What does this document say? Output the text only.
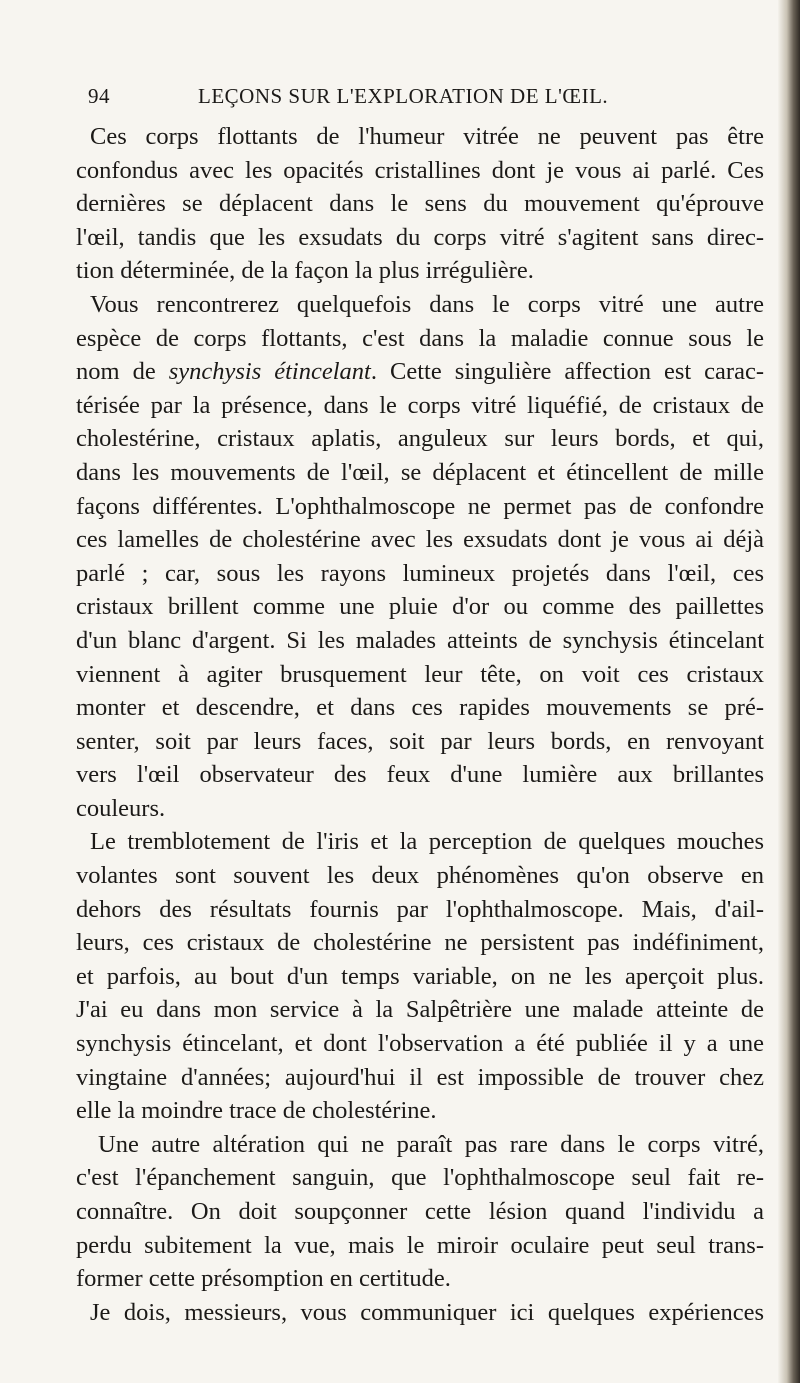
94	LEÇONS SUR L'EXPLORATION DE L'ŒIL.
Ces corps flottants de l'humeur vitrée ne peuvent pas être
confondus avec les opacités cristallines dont je vous ai parlé. Ces
dernières se déplacent dans le sens du mouvement qu'éprouve
l'œil, tandis que les exsudats du corps vitré s'agitent sans direc-
tion déterminée, de la façon la plus irrégulière.
Vous rencontrerez quelquefois dans le corps vitré une autre
espèce de corps flottants, c'est dans la maladie connue sous le
nom de synchysis étincelant. Cette singulière affection est carac-
térisée par la présence, dans le corps vitré liquéfié, de cristaux de
cholestérine, cristaux aplatis, anguleux sur leurs bords, et qui,
dans les mouvements de l'œil, se déplacent et étincellent de mille
façons différentes. L'ophthalmoscope ne permet pas de confondre
ces lamelles de cholestérine avec les exsudats dont je vous ai déjà
parlé ; car, sous les rayons lumineux projetés dans l'œil, ces
cristaux brillent comme une pluie d'or ou comme des paillettes
d'un blanc d'argent. Si les malades atteints de synchysis étincelant
viennent à agiter brusquement leur tête, on voit ces cristaux
monter et descendre, et dans ces rapides mouvements se pré-
senter, soit par leurs faces, soit par leurs bords, en renvoyant
vers l'œil observateur des feux d'une lumière aux brillantes
couleurs.
Le tremblotement de l'iris et la perception de quelques mouches
volantes sont souvent les deux phénomènes qu'on observe en
dehors des résultats fournis par l'ophthalmoscope. Mais, d'ail-
leurs, ces cristaux de cholestérine ne persistent pas indéfiniment,
et parfois, au bout d'un temps variable, on ne les aperçoit plus.
J'ai eu dans mon service à la Salpêtrière une malade atteinte de
synchysis étincelant, et dont l'observation a été publiée il y a une
vingtaine d'années; aujourd'hui il est impossible de trouver chez
elle la moindre trace de cholestérine.
Une autre altération qui ne paraît pas rare dans le corps vitré,
c'est l'épanchement sanguin, que l'ophthalmoscope seul fait re-
connaître. On doit soupçonner cette lésion quand l'individu a
perdu subitement la vue, mais le miroir oculaire peut seul trans-
former cette présomption en certitude.
Je dois, messieurs, vous communiquer ici quelques expériences
